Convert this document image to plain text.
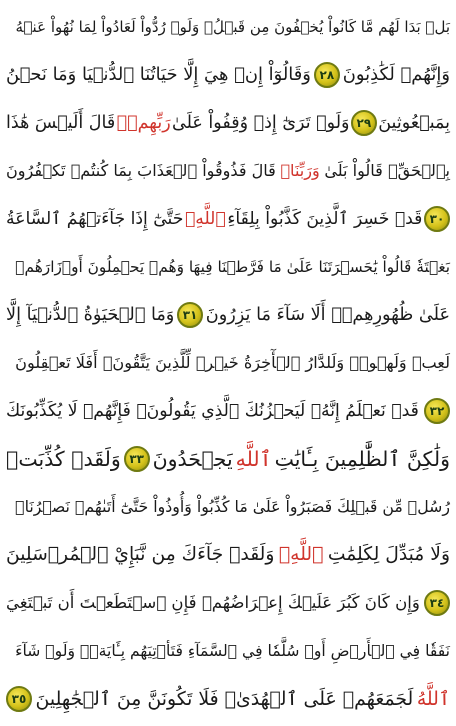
بَلۡ بَدَا لَهُم مَّا كَانُواْ يُخۡفُونَ مِن قَبۡلُۖ وَلَوۡ رُدُّواْ لَعَادُواْ لِمَا نُهُواْ عَنۡهُ
وَإِنَّهُمۡ لَكَٰذِبُونَ
٢٨
وَقَالُوٓاْ إِنۡ هِيَ إِلَّا حَيَاتُنَا ٱلدُّنۡيَا وَمَا نَحۡنُ
بِمَبۡعُوثِينَ
٢٩
وَلَوۡ تَرَىٰٓ إِذۡ وُقِفُواْ عَلَىٰ
رَبِّهِمۡۚ
قَالَ أَلَيۡسَ هَٰذَا
بِٱلۡحَقِّۚ قَالُواْ بَلَىٰ
وَرَبِّنَاۚ
قَالَ فَذُوقُواْ ٱلۡعَذَابَ بِمَا كُنتُمۡ تَكۡفُرُونَ
٣٠
قَدۡ خَسِرَ ٱلَّذِينَ كَذَّبُواْ بِلِقَآءِ
ٱللَّهِۖ
حَتَّىٰٓ إِذَا جَآءَتۡهُمُ ٱلسَّاعَةُ
بَغۡتَةٗ قَالُواْ يَٰحَسۡرَتَنَا عَلَىٰ مَا فَرَّطۡنَا فِيهَا وَهُمۡ يَحۡمِلُونَ أَوۡزَارَهُمۡ
عَلَىٰ ظُهُورِهِمۡۚ أَلَا سَآءَ مَا يَزِرُونَ
٣١
وَمَا ٱلۡحَيَوٰةُ ٱلدُّنۡيَآ إِلَّا
لَعِبٞ وَلَهۡوٞۖ وَلَلدَّارُ ٱلۡأٓخِرَةُ خَيۡرٞ لِّلَّذِينَ يَتَّقُونَۚ أَفَلَا تَعۡقِلُونَ
٣٢
قَدۡ نَعۡلَمُ إِنَّهُۥ لَيَحۡزُنُكَ ٱلَّذِي يَقُولُونَۖ فَإِنَّهُمۡ لَا يُكَذِّبُونَكَ
وَلَٰكِنَّ ٱلظَّٰلِمِينَ بِـَٔايَٰتِ
ٱللَّهِ
يَجۡحَدُونَ
٣٣
وَلَقَدۡ كُذِّبَتۡ
رُسُلٞ مِّن قَبۡلِكَ فَصَبَرُواْ عَلَىٰ مَا كُذِّبُواْ وَأُوذُواْ حَتَّىٰٓ أَتَىٰهُمۡ نَصۡرُنَاۚ
وَلَا مُبَدِّلَ لِكَلِمَٰتِ
ٱللَّهِۚ
وَلَقَدۡ جَآءَكَ مِن نَّبَإِيْ ٱلۡمُرۡسَلِينَ
٣٤
وَإِن كَانَ كَبُرَ عَلَيۡكَ إِعۡرَاضُهُمۡ فَإِنِ ٱسۡتَطَعۡتَ أَن تَبۡتَغِيَ
نَفَقٗا فِي ٱلۡأَرۡضِ أَوۡ سُلَّمٗا فِي ٱلسَّمَآءِ فَتَأۡتِيَهُم بِـَٔايَةٖۚ وَلَوۡ شَآءَ
ٱللَّهُ
لَجَمَعَهُمۡ عَلَى ٱلۡهُدَىٰۚ فَلَا تَكُونَنَّ مِنَ ٱلۡجَٰهِلِينَ
٣٥
